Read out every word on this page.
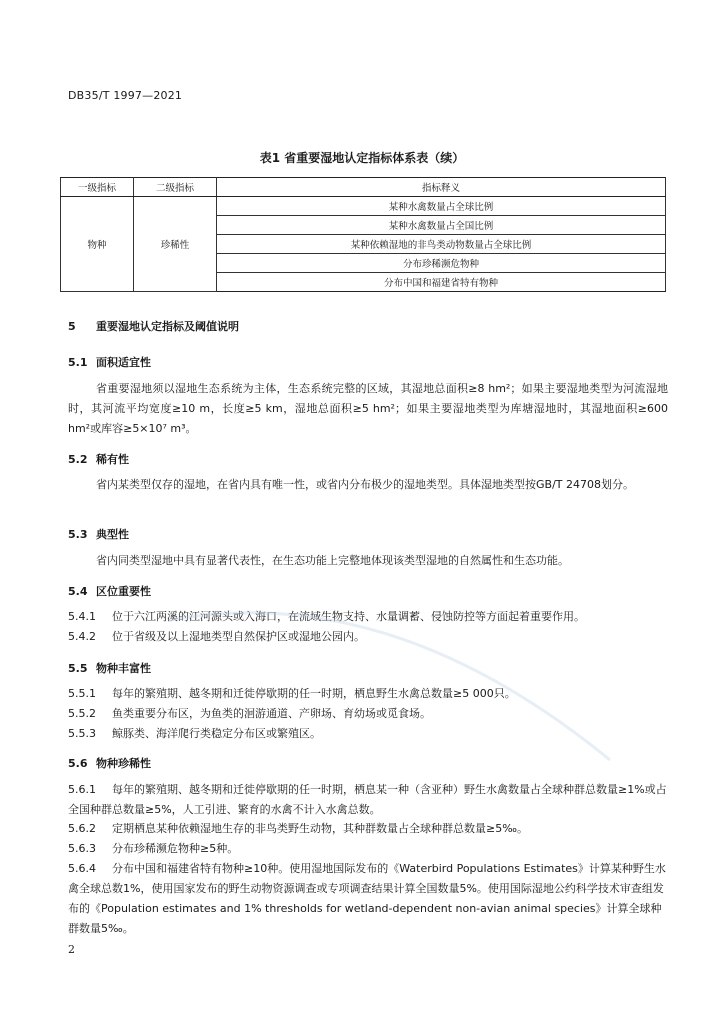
DB35/T 1997—2021
表1 省重要湿地认定指标体系表（续）
一级指标	二级指标	指标释义
物种	珍稀性	某种水禽数量占全球比例
		某种水禽数量占全国比例
		某种依赖湿地的非鸟类动物数量占全球比例
		分布珍稀濒危物种
		分布中国和福建省特有物种
5 重要湿地认定指标及阈值说明
5.1 面积适宜性
省重要湿地须以湿地生态系统为主体，生态系统完整的区域，其湿地总面积≥8 hm²；如果主要湿地类型为河流湿地时，其河流平均宽度≥10 m，长度≥5 km，湿地总面积≥5 hm²；如果主要湿地类型为库塘湿地时，其湿地面积≥600 hm²或库容≥5×10⁷ m³。
5.2 稀有性
省内某类型仅存的湿地，在省内具有唯一性，或省内分布极少的湿地类型。具体湿地类型按GB/T 24708划分。
5.3 典型性
省内同类型湿地中具有显著代表性，在生态功能上完整地体现该类型湿地的自然属性和生态功能。
5.4 区位重要性
5.4.1 位于六江两溪的江河源头或入海口，在流域生物支持、水量调蓄、侵蚀防控等方面起着重要作用。
5.4.2 位于省级及以上湿地类型自然保护区或湿地公园内。
5.5 物种丰富性
5.5.1 每年的繁殖期、越冬期和迁徙停歇期的任一时期，栖息野生水禽总数量≥5 000只。
5.5.2 鱼类重要分布区，为鱼类的洄游通道、产卵场、育幼场或觅食场。
5.5.3 鲸豚类、海洋爬行类稳定分布区或繁殖区。
5.6 物种珍稀性
5.6.1 每年的繁殖期、越冬期和迁徙停歇期的任一时期，栖息某一种（含亚种）野生水禽数量占全球种群总数量≥1%或占全国种群总数量≥5%，人工引进、繁育的水禽不计入水禽总数。
5.6.2 定期栖息某种依赖湿地生存的非鸟类野生动物，其种群数量占全球种群总数量≥5‰。
5.6.3 分布珍稀濒危物种≥5种。
5.6.4 分布中国和福建省特有物种≥10种。使用湿地国际发布的《Waterbird Populations Estimates》计算某种野生水禽全球总数1%，使用国家发布的野生动物资源调查或专项调查结果计算全国数量5%。使用国际湿地公约科学技术审查组发布的《Population estimates and 1% thresholds for wetland-dependent non-avian animal species》计算全球种群数量5‰。
2
